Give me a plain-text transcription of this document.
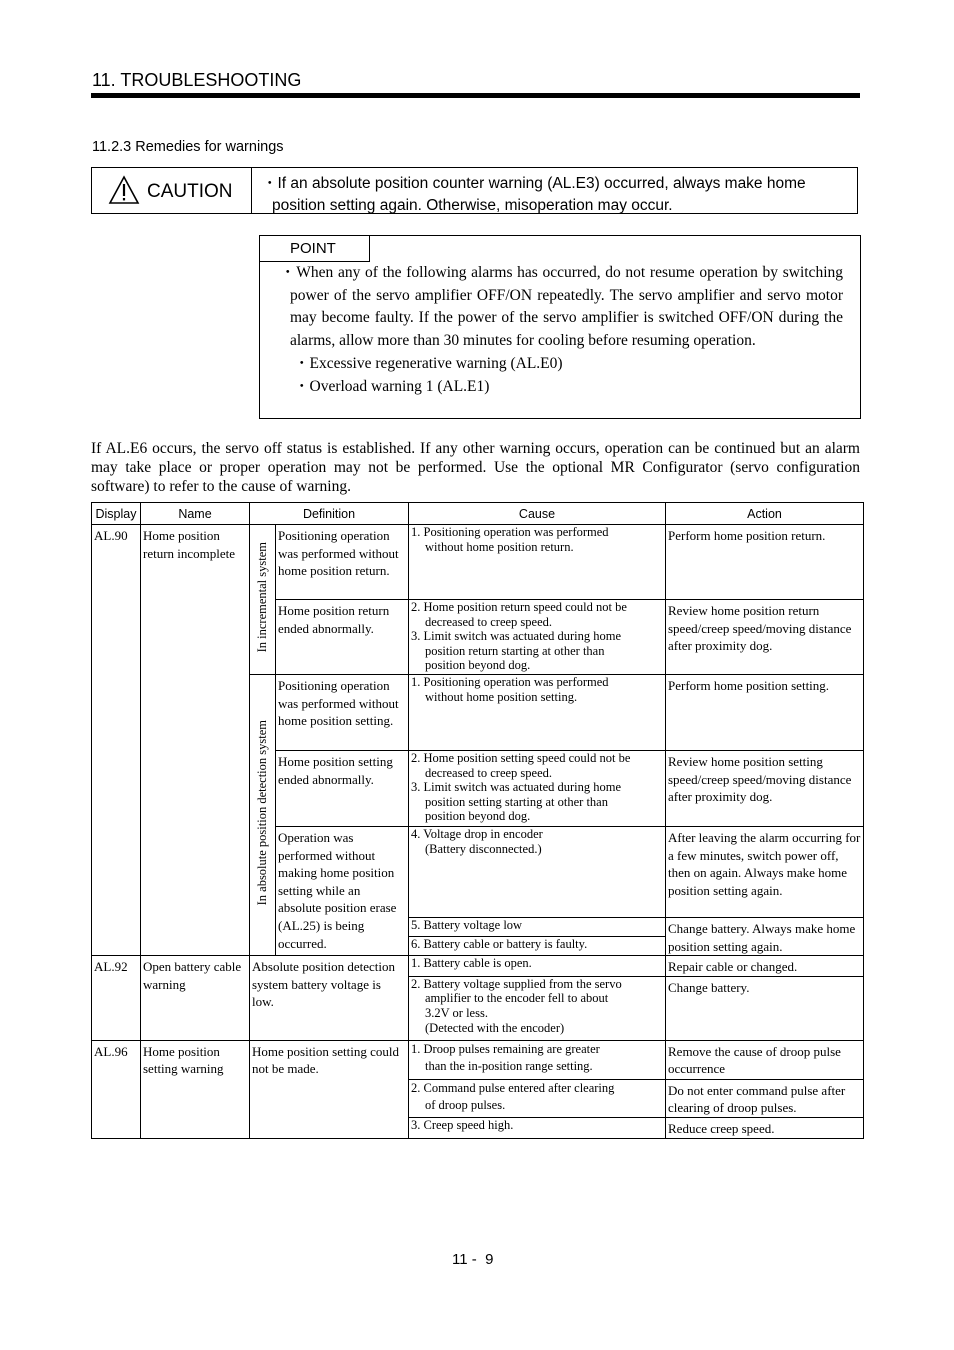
11. TROUBLESHOOTING
11.2.3 Remedies for warnings
CAUTION ・If an absolute position counter warning (AL.E3) occurred, always make home
position setting again. Otherwise, misoperation may occur.
POINT
・When any of the following alarms has occurred, do not resume operation by switching power of the servo amplifier OFF/ON repeatedly. The servo amplifier and servo motor may become faulty. If the power of the servo amplifier is switched OFF/ON during the alarms, allow more than 30 minutes for cooling before resuming operation.
・Excessive regenerative warning (AL.E0)
・Overload warning 1 (AL.E1)
If AL.E6 occurs, the servo off status is established. If any other warning occurs, operation can be continued but an alarm may take place or proper operation may not be performed. Use the optional MR Configurator (servo configuration software) to refer to the cause of warning.
Display	Name	Definition		Cause	Action
AL.90	Home position return incomplete	In incremental system	Positioning operation was performed without home position return.	1. Positioning operation was performed
without home position return.	Perform home position return.
			Home position return ended abnormally.	2. Home position return speed could not be
decreased to creep speed.
3. Limit switch was actuated during home
position return starting at other than
position beyond dog.	Review home position return speed/creep speed/moving distance after proximity dog.
		In absolute position detection system	Positioning operation was performed without home position setting.	1. Positioning operation was performed
without home position setting.	Perform home position setting.
			Home position setting ended abnormally.	2. Home position setting speed could not be
decreased to creep speed.
3. Limit switch was actuated during home
position setting starting at other than
position beyond dog.	Review home position setting speed/creep speed/moving distance after proximity dog.
			Operation was performed without making home position setting while an absolute position erase (AL.25) is being occurred.	4. Voltage drop in encoder
(Battery disconnected.)	After leaving the alarm occurring for a few minutes, switch power off, then on again. Always make home position setting again.
				5. Battery voltage low	Change battery. Always make home position setting again.
				6. Battery cable or battery is faulty.	
AL.92	Open battery cable warning	Absolute position detection system battery voltage is low.		1. Battery cable is open.	Repair cable or changed.

				2. Battery voltage supplied from the servo
amplifier to the encoder fell to about
3.2V or less.
(Detected with the encoder)	Change battery.
AL.96	Home position setting warning	Home position setting could not be made.		1. Droop pulses remaining are greater
than the in-position range setting.	Remove the cause of droop pulse occurrence

				2. Command pulse entered after clearing
of droop pulses.	Do not enter command pulse after clearing of droop pulses.
				3. Creep speed high.	Reduce creep speed.
11 -  9
